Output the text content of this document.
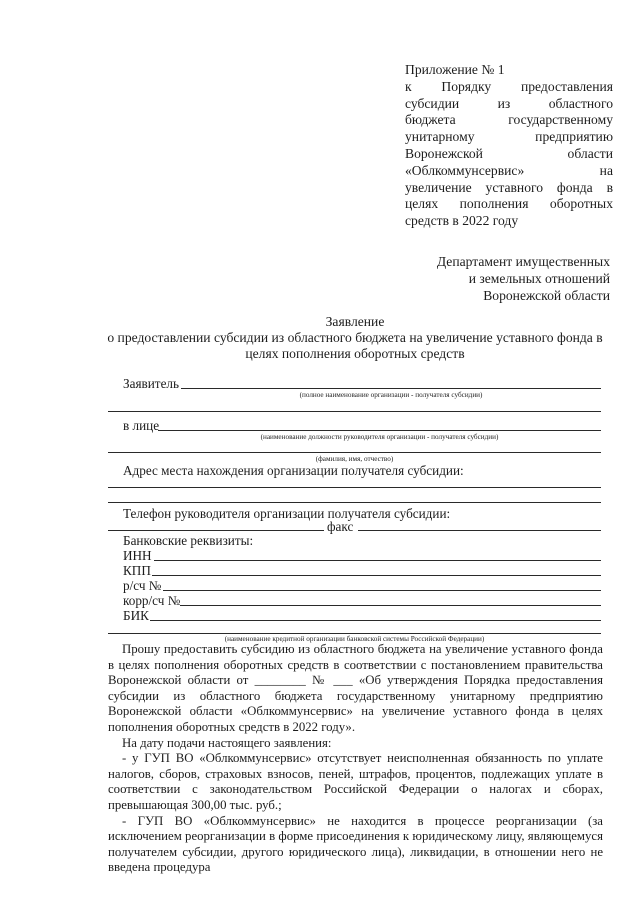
Приложение № 1
к Порядку предоставления
субсидии из областного
бюджета государственному
унитарному предприятию
Воронежской области
«Облкоммунсервис» на
увеличение уставного фонда в
целях пополнения оборотных
средств в 2022 году
Департамент имущественных
и земельных отношений
Воронежской области
Заявление
о предоставлении субсидии из областного бюджета на увеличение уставного фонда в
целях пополнения оборотных средств
Заявитель
(полное наименование организации - получателя субсидии)
в лице
(наименование должности руководителя организации - получателя субсидии)
(фамилия, имя, отчество)
Адрес места нахождения организации получателя субсидии:
Телефон руководителя организации получателя субсидии:
факс
Банковские реквизиты:
ИНН
КПП
р/сч №
корр/сч №
БИК
(наименование кредитной организации банковской системы Российской Федерации)

Прошу предоставить субсидию из областного бюджета на увеличение уставного фонда в целях пополнения оборотных средств в соответствии с постановлением правительства Воронежской области от ________ № ___ «Об утверждения Порядка предоставления субсидии из областного бюджета государственному унитарному предприятию Воронежской области «Облкоммунсервис» на увеличение уставного фонда в целях пополнения оборотных средств в 2022 году».

На дату подачи настоящего заявления:

- у ГУП ВО «Облкоммунсервис» отсутствует неисполненная обязанность по уплате налогов, сборов, страховых взносов, пеней, штрафов, процентов, подлежащих уплате в соответствии с законодательством Российской Федерации о налогах и сборах, превышающая 300,00 тыс. руб.;

- ГУП ВО «Облкоммунсервис» не находится в процессе реорганизации (за исключением реорганизации в форме присоединения к юридическому лицу, являющемуся получателем субсидии, другого юридического лица), ликвидации, в отношении него не введена процедура
